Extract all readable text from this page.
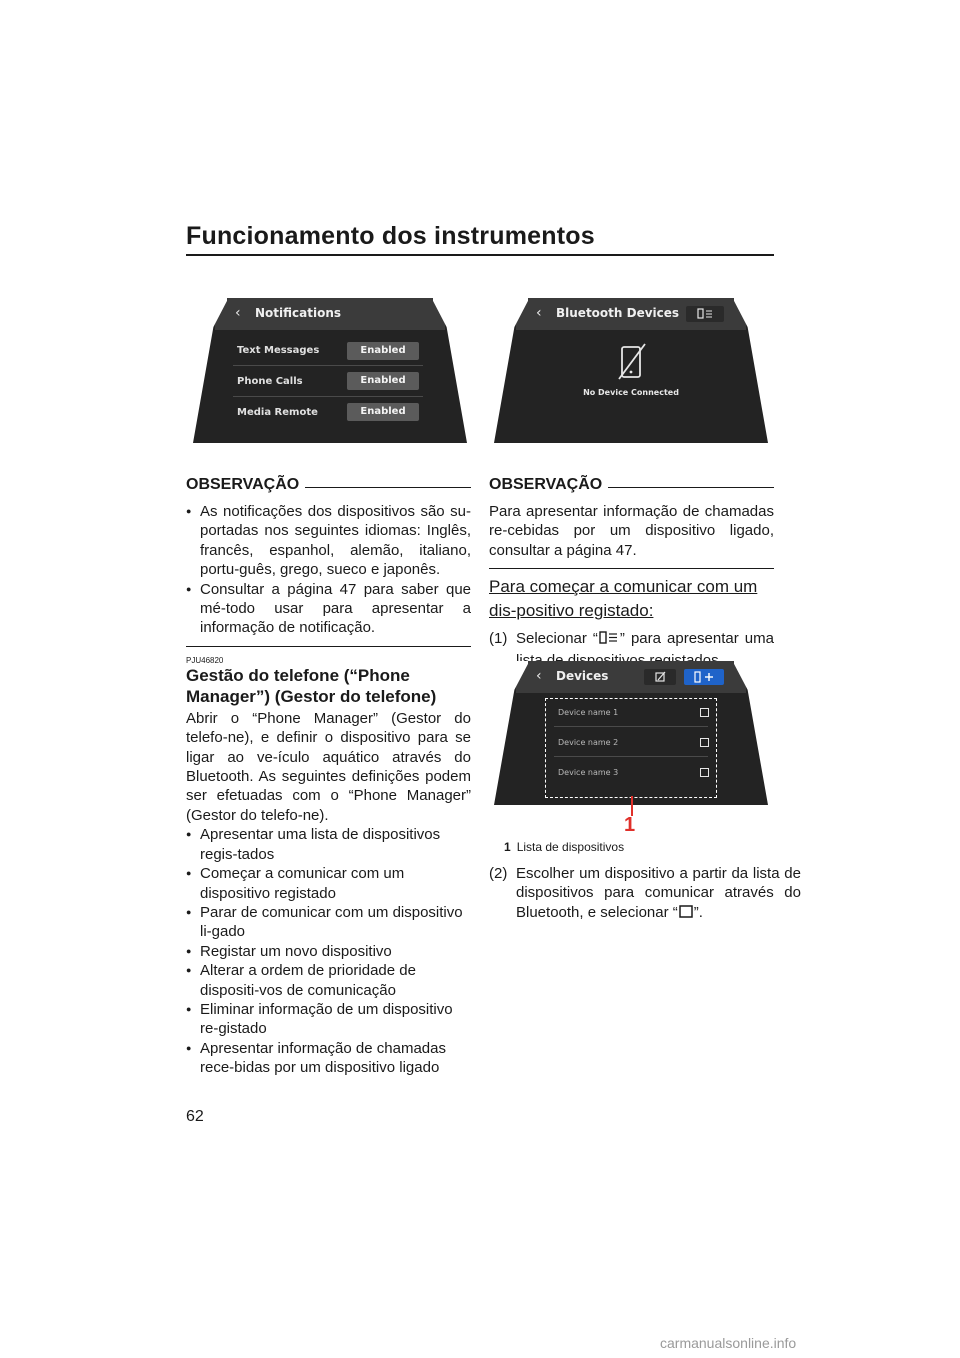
Funcionamento dos instrumentos
‹ Notifications
Text Messages	Enabled
Phone Calls	Enabled
Media Remote	Enabled
‹ Bluetooth Devices
No Device Connected
OBSERVAÇÃO

● As notificações dos dispositivos são su-portadas nos seguintes idiomas: Inglês, francês, espanhol, alemão, italiano, portu-guês, grego, sueco e japonês.

● Consultar a página 47 para saber que mé-todo usar para apresentar a informação de notificação.

PJU46820
Gestão do telefone (“Phone Manager”) (Gestor do telefone)
Abrir o “Phone Manager” (Gestor do telefo-ne), e definir o dispositivo para se ligar ao ve-ículo aquático através do Bluetooth. As seguintes definições podem ser efetuadas com o “Phone Manager” (Gestor do telefo-ne).

● Apresentar uma lista de dispositivos regis-tados

● Começar a comunicar com um dispositivo registado

● Parar de comunicar com um dispositivo li-gado

● Registar um novo dispositivo

● Alterar a ordem de prioridade de dispositi-vos de comunicação

● Eliminar informação de um dispositivo re-gistado

● Apresentar informação de chamadas rece-bidas por um dispositivo ligado

OBSERVAÇÃO
Para apresentar informação de chamadas re-cebidas por um dispositivo ligado, consultar a página 47.
Para começar a comunicar com um dis-positivo registado:
(1) Selecionar “ ” para apresentar uma
‹ Devices
Device name 1
Device name 2
Device name 3
1
1 Lista de dispositivos
(2) Escolher um dispositivo a partir da lista de dispositivos para comunicar através do Bluetooth, e selecionar “ ”.
62
carmanualsonline.info
